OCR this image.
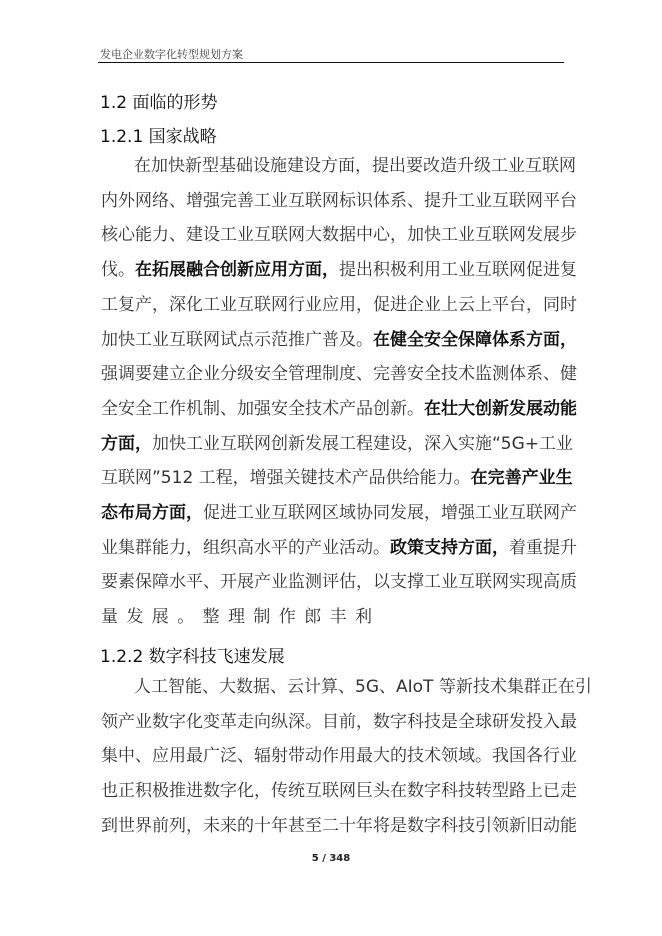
发电企业数字化转型规划方案
1.2 面临的形势
1.2.1 国家战略
在加快新型基础设施建设方面，提出要改造升级工业互联网
内外网络、增强完善工业互联网标识体系、提升工业互联网平台
核心能力、建设工业互联网大数据中心，加快工业互联网发展步
伐。在拓展融合创新应用方面，提出积极利用工业互联网促进复
工复产，深化工业互联网行业应用，促进企业上云上平台，同时
加快工业互联网试点示范推广普及。在健全安全保障体系方面，
强调要建立企业分级安全管理制度、完善安全技术监测体系、健
全安全工作机制、加强安全技术产品创新。在壮大创新发展动能
方面，加快工业互联网创新发展工程建设，深入实施“5G+工业
互联网”512 工程，增强关键技术产品供给能力。在完善产业生
态布局方面，促进工业互联网区域协同发展，增强工业互联网产
业集群能力，组织高水平的产业活动。政策支持方面，着重提升
要素保障水平、开展产业监测评估，以支撑工业互联网实现高质
量发展。整理制作郎丰利
1.2.2 数字科技飞速发展
人工智能、大数据、云计算、5G、AIoT 等新技术集群正在引
领产业数字化变革走向纵深。目前，数字科技是全球研发投入最
集中、应用最广泛、辐射带动作用最大的技术领域。我国各行业
也正积极推进数字化，传统互联网巨头在数字科技转型路上已走
到世界前列，未来的十年甚至二十年将是数字科技引领新旧动能
5 / 348
